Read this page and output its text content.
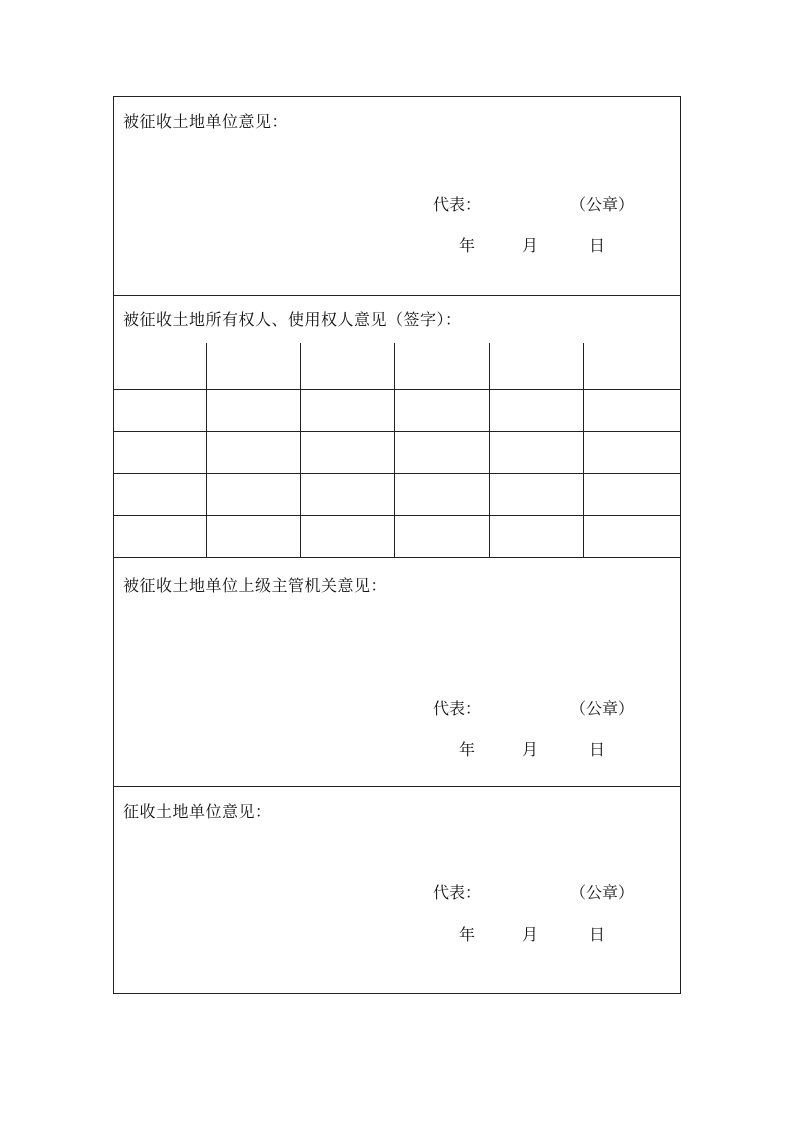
被征收土地单位意见：
代表：	（公章）
年	月	日
被征收土地所有权人、使用权人意见（签字）：

被征收土地单位上级主管机关意见：
代表：	（公章）
年	月	日
征收土地单位意见：
代表：	（公章）
年	月	日
